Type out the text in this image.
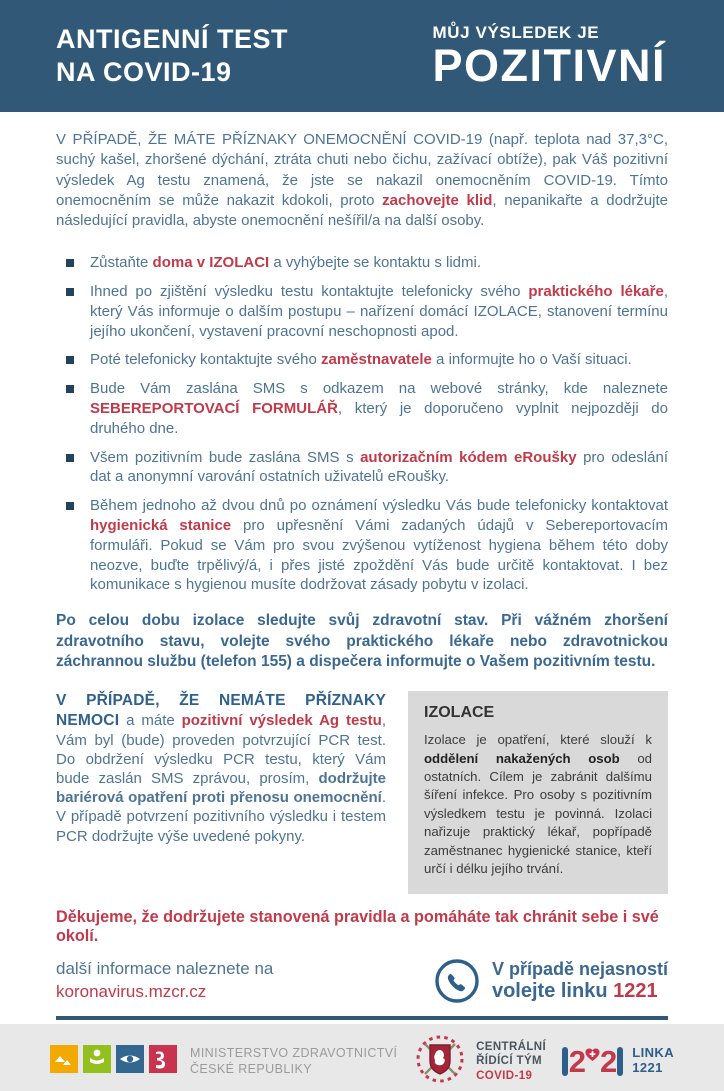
ANTIGENNÍ TEST
NA COVID-19
MŮJ VÝSLEDEK JE
POZITIVNÍ

V PŘÍPADĚ, ŽE MÁTE PŘÍZNAKY ONEMOCNĚNÍ COVID-19 (např. teplota nad 37,3°C, suchý kašel, zhoršené dýchání, ztráta chuti nebo čichu, zažívací obtíže), pak Váš pozitivní výsledek Ag testu znamená, že jste se nakazil onemocněním COVID-19. Tímto onemocněním se může nakazit kdokoli, proto zachovejte klid, nepanikařte a dodržujte následující pravidla, abyste onemocnění nešířil/a na další osoby.

Zůstaňte doma v IZOLACI a vyhýbejte se kontaktu s lidmi.
Ihned po zjištění výsledku testu kontaktujte telefonicky svého praktického lékaře, který Vás informuje o dalším postupu – nařízení domácí IZOLACE, stanovení termínu jejího ukončení, vystavení pracovní neschopnosti apod.
Poté telefonicky kontaktujte svého zaměstnavatele a informujte ho o Vaší situaci.
Bude Vám zaslána SMS s odkazem na webové stránky, kde naleznete SEBEREPORTOVACÍ FORMULÁŘ, který je doporučeno vyplnit nejpozději do druhého dne.
Všem pozitivním bude zaslána SMS s autorizačním kódem eRoušky pro odeslání dat a anonymní varování ostatních uživatelů eRoušky.
Během jednoho až dvou dnů po oznámení výsledku Vás bude telefonicky kontaktovat hygienická stanice pro upřesnění Vámi zadaných údajů v Sebereportovacím formuláři. Pokud se Vám pro svou zvýšenou vytíženost hygiena během této doby neozve, buďte trpělivý/á, i přes jisté zpoždění Vás bude určitě kontaktovat. I bez komunikace s hygienou musíte dodržovat zásady pobytu v izolaci.

Po celou dobu izolace sledujte svůj zdravotní stav. Při vážném zhoršení zdravotního stavu, volejte svého praktického lékaře nebo zdravotnickou záchrannou službu (telefon 155) a dispečera informujte o Vašem pozitivním testu.

V PŘÍPADĚ, ŽE NEMÁTE PŘÍZNAKY NEMOCI a máte pozitivní výsledek Ag testu, Vám byl (bude) proveden potvrzující PCR test. Do obdržení výsledku PCR testu, který Vám bude zaslán SMS zprávou, prosím, dodržujte bariérová opatření proti přenosu onemocnění. V případě potvrzení pozitivního výsledku i testem PCR dodržujte výše uvedené pokyny.
IZOLACE
Izolace je opatření, které slouží k oddělení nakažených osob od ostatních. Cílem je zabránit dalšímu šíření infekce. Pro osoby s pozitivním výsledkem testu je povinná. Izolaci nařizuje praktický lékař, popřípadě zaměstnanec hygienické stanice, kteří určí i délku jejího trvání.

Děkujeme, že dodržujete stanovená pravidla a pomáháte tak chránit sebe i své okolí.

další informace naleznete na
koronavirus.mzcr.cz
V případě nejasností
volejte linku 1221
MINISTERSTVO ZDRAVOTNICTVÍ
ČESKÉ REPUBLIKY
CENTRÁLNÍ
ŘÍDÍCÍ TÝM
COVID-19	2 2 LINKA
1221
